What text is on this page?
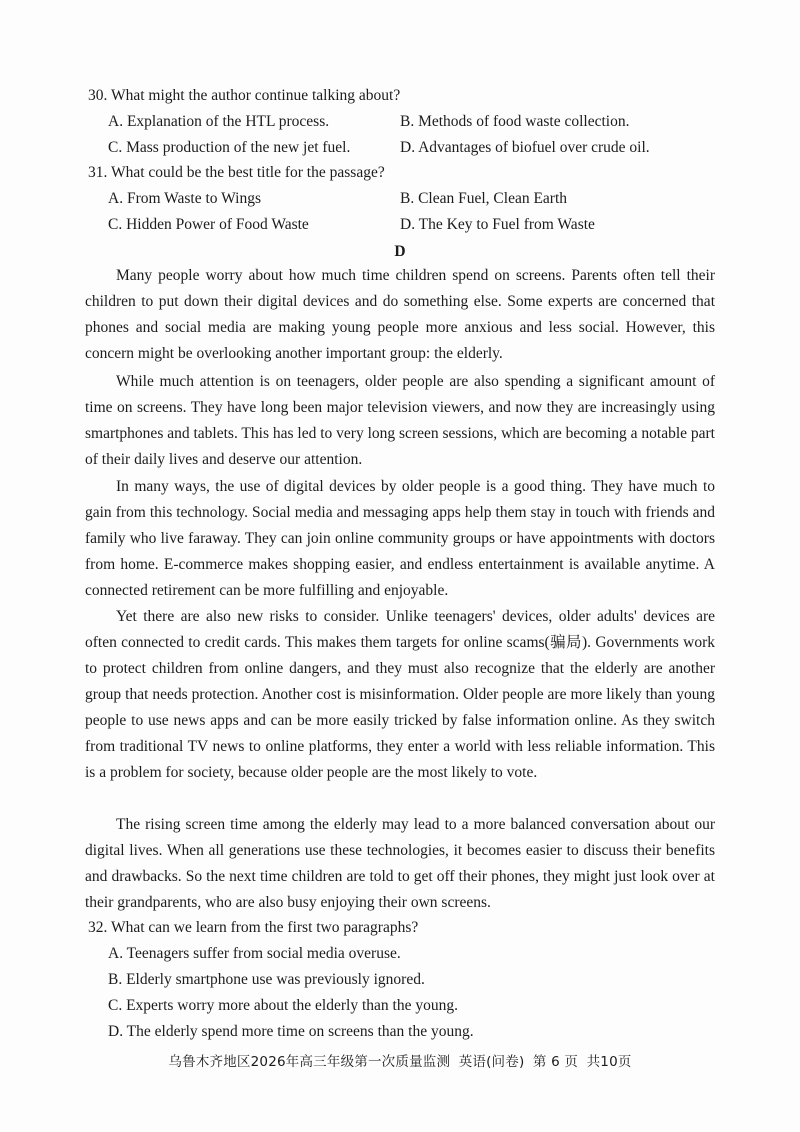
30. What might the author continue talking about?
A. Explanation of the HTL process.	B. Methods of food waste collection.
C. Mass production of the new jet fuel.	D. Advantages of biofuel over crude oil.
31. What could be the best title for the passage?
A. From Waste to Wings	B. Clean Fuel, Clean Earth
C. Hidden Power of Food Waste	D. The Key to Fuel from Waste
D

Many people worry about how much time children spend on screens. Parents often tell their children to put down their digital devices and do something else. Some experts are concerned that phones and social media are making young people more anxious and less social. However, this concern might be overlooking another important group: the elderly.

While much attention is on teenagers, older people are also spending a significant amount of time on screens. They have long been major television viewers, and now they are increasingly using smartphones and tablets. This has led to very long screen sessions, which are becoming a notable part of their daily lives and deserve our attention.

In many ways, the use of digital devices by older people is a good thing. They have much to gain from this technology. Social media and messaging apps help them stay in touch with friends and family who live faraway. They can join online community groups or have appointments with doctors from home. E-commerce makes shopping easier, and endless entertainment is available anytime. A connected retirement can be more fulfilling and enjoyable.

Yet there are also new risks to consider. Unlike teenagers' devices, older adults' devices are often connected to credit cards. This makes them targets for online scams(骗局). Governments work to protect children from online dangers, and they must also recognize that the elderly are another group that needs protection. Another cost is misinformation. Older people are more likely than young people to use news apps and can be more easily tricked by false information online. As they switch from traditional TV news to online platforms, they enter a world with less reliable information. This is a problem for society, because older people are the most likely to vote.

The rising screen time among the elderly may lead to a more balanced conversation about our digital lives. When all generations use these technologies, it becomes easier to discuss their benefits and drawbacks. So the next time children are told to get off their phones, they might just look over at their grandparents, who are also busy enjoying their own screens.

32. What can we learn from the first two paragraphs?
A. Teenagers suffer from social media overuse.
B. Elderly smartphone use was previously ignored.
C. Experts worry more about the elderly than the young.
D. The elderly spend more time on screens than the young.
乌鲁木齐地区2026年高三年级第一次质量监测 英语(问卷) 第 6 页 共10页
